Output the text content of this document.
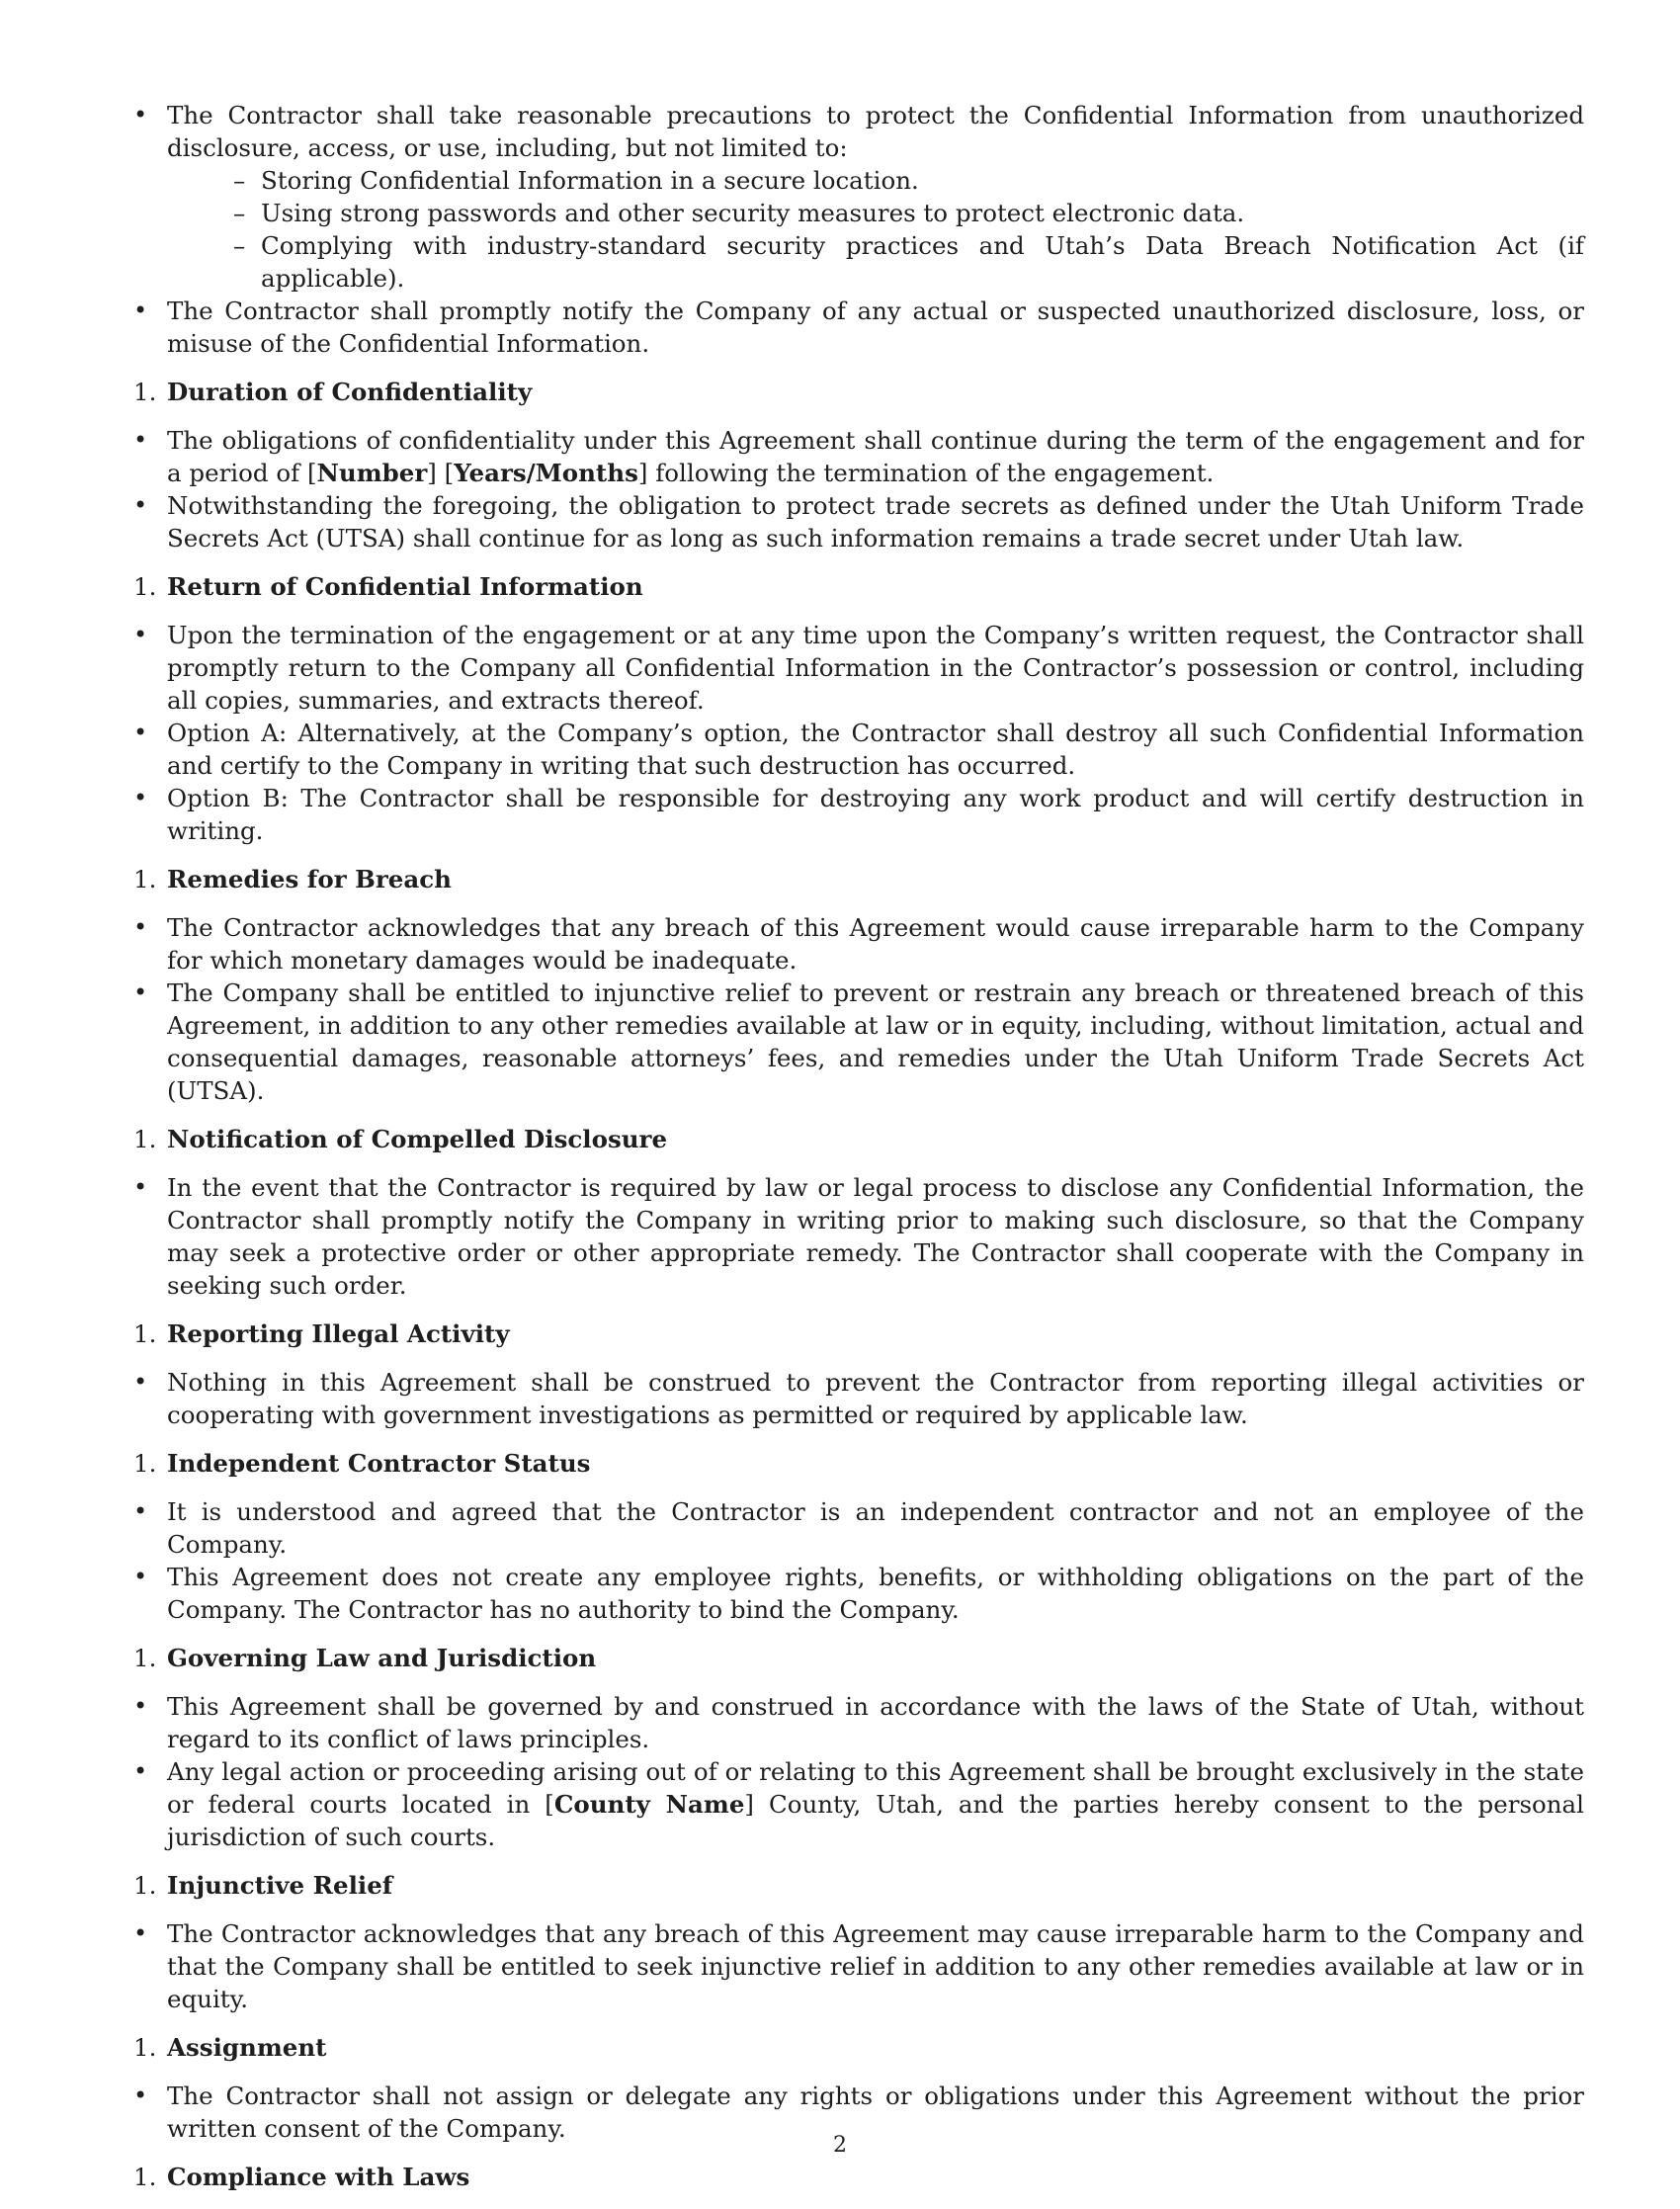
• The Contractor shall take reasonable precautions to protect the Confidential Information from unauthorized disclosure, access, or use, including, but not limited to:
– Storing Confidential Information in a secure location.
– Using strong passwords and other security measures to protect electronic data.
– Complying with industry-standard security practices and Utah’s Data Breach Notification Act (if applicable).
• The Contractor shall promptly notify the Company of any actual or suspected unauthorized disclosure, loss, or misuse of the Confidential Information.
1. Duration of Confidentiality
• The obligations of confidentiality under this Agreement shall continue during the term of the engagement and for a period of [Number] [Years/Months] following the termination of the engagement.
• Notwithstanding the foregoing, the obligation to protect trade secrets as defined under the Utah Uniform Trade Secrets Act (UTSA) shall continue for as long as such information remains a trade secret under Utah law.
1. Return of Confidential Information
• Upon the termination of the engagement or at any time upon the Company’s written request, the Contractor shall promptly return to the Company all Confidential Information in the Contractor’s possession or control, including all copies, summaries, and extracts thereof.
• Option A: Alternatively, at the Company’s option, the Contractor shall destroy all such Confidential Information and certify to the Company in writing that such destruction has occurred.
• Option B: The Contractor shall be responsible for destroying any work product and will certify destruction in writing.
1. Remedies for Breach
• The Contractor acknowledges that any breach of this Agreement would cause irreparable harm to the Company for which monetary damages would be inadequate.
• The Company shall be entitled to injunctive relief to prevent or restrain any breach or threatened breach of this Agreement, in addition to any other remedies available at law or in equity, including, without limitation, actual and consequential damages, reasonable attorneys’ fees, and remedies under the Utah Uniform Trade Secrets Act (UTSA).
1. Notification of Compelled Disclosure
• In the event that the Contractor is required by law or legal process to disclose any Confidential Information, the Contractor shall promptly notify the Company in writing prior to making such disclosure, so that the Company may seek a protective order or other appropriate remedy. The Contractor shall cooperate with the Company in seeking such order.
1. Reporting Illegal Activity
• Nothing in this Agreement shall be construed to prevent the Contractor from reporting illegal activities or cooperating with government investigations as permitted or required by applicable law.
1. Independent Contractor Status
• It is understood and agreed that the Contractor is an independent contractor and not an employee of the Company.
• This Agreement does not create any employee rights, benefits, or withholding obligations on the part of the Company. The Contractor has no authority to bind the Company.
1. Governing Law and Jurisdiction
• This Agreement shall be governed by and construed in accordance with the laws of the State of Utah, without regard to its conflict of laws principles.
• Any legal action or proceeding arising out of or relating to this Agreement shall be brought exclusively in the state or federal courts located in [County Name] County, Utah, and the parties hereby consent to the personal jurisdiction of such courts.
1. Injunctive Relief
• The Contractor acknowledges that any breach of this Agreement may cause irreparable harm to the Company and that the Company shall be entitled to seek injunctive relief in addition to any other remedies available at law or in equity.
1. Assignment
• The Contractor shall not assign or delegate any rights or obligations under this Agreement without the prior written consent of the Company.
1. Compliance with Laws
2
